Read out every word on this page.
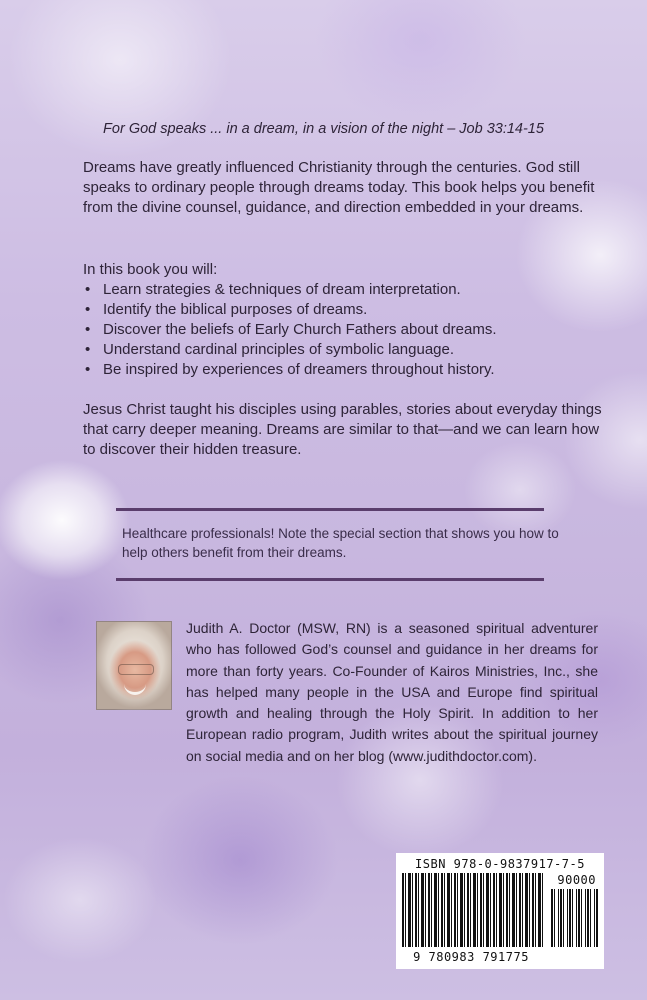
For God speaks ... in a dream, in a vision of the night – Job 33:14-15

Dreams have greatly influenced Christianity through the centuries. God still speaks to ordinary people through dreams today. This book helps you benefit from the divine counsel, guidance, and direction embedded in your dreams.

In this book you will:

• Learn strategies & techniques of dream interpretation.
• Identify the biblical purposes of dreams.
• Discover the beliefs of Early Church Fathers about dreams.
• Understand cardinal principles of symbolic language.
• Be inspired by experiences of dreamers throughout history.

Jesus Christ taught his disciples using parables, stories about everyday things that carry deeper meaning. Dreams are similar to that—and we can learn how to discover their hidden treasure.

Healthcare professionals! Note the special section that shows you how to help others benefit from their dreams.

Judith A. Doctor (MSW, RN) is a seasoned spiritual adventurer who has followed God’s counsel and guidance in her dreams for more than forty years. Co-Founder of Kairos Ministries, Inc., she has helped many people in the USA and Europe find spiritual growth and healing through the Holy Spirit. In addition to her European radio program, Judith writes about the spiritual journey on social media and on her blog (www.judithdoctor.com).

ISBN 978-0-9837917-7-5
90000
9 780983 791775
